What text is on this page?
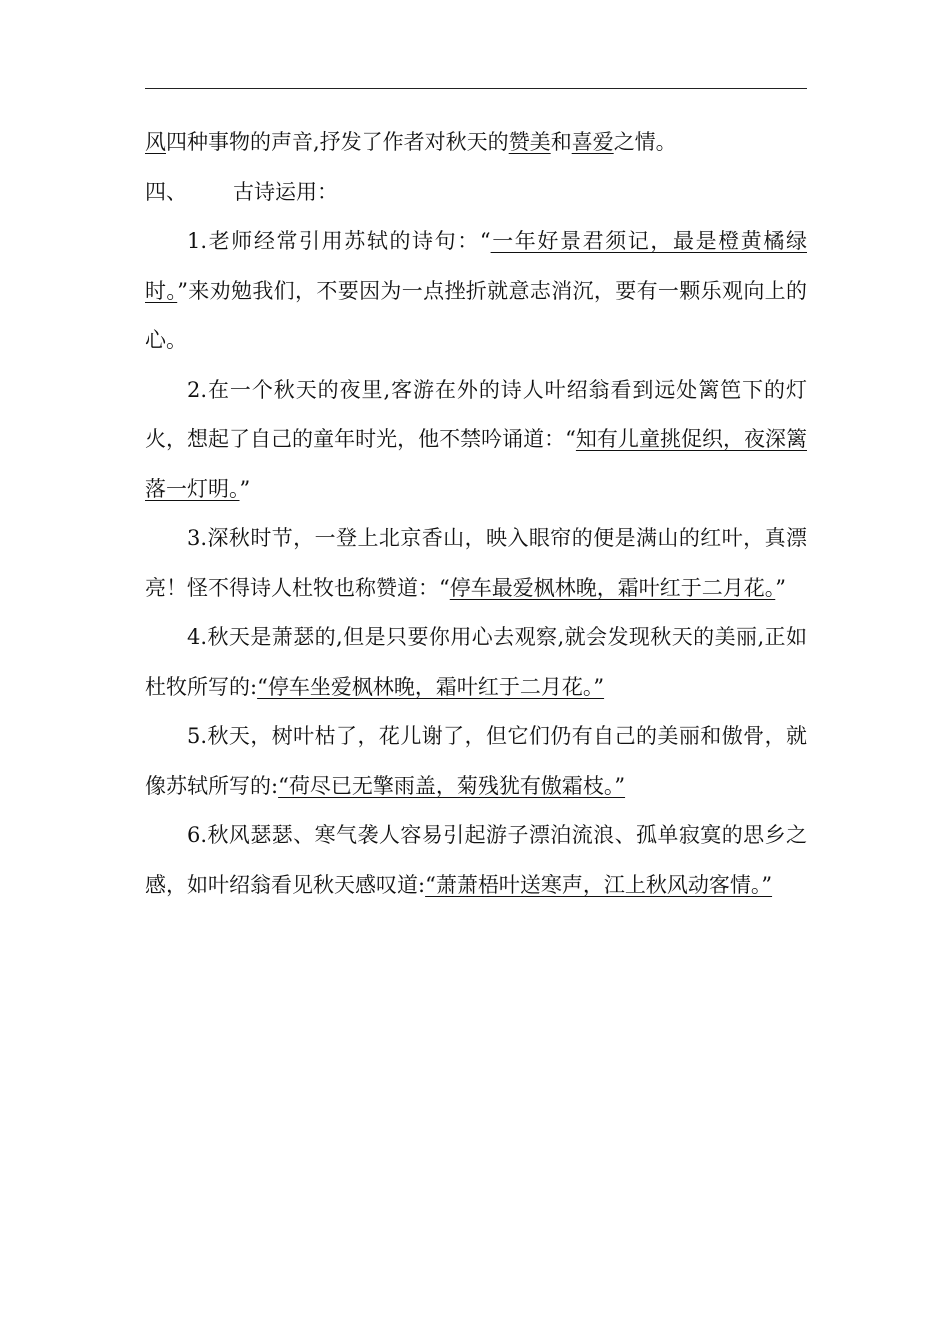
风四种事物的声音,抒发了作者对秋天的赞美和喜爱之情。

四、 古诗运用：

1.老师经常引用苏轼的诗句：“一年好景君须记，最是橙黄橘绿时。”来劝勉我们，不要因为一点挫折就意志消沉，要有一颗乐观向上的心。

2.在一个秋天的夜里,客游在外的诗人叶绍翁看到远处篱笆下的灯火，想起了自己的童年时光，他不禁吟诵道：“知有儿童挑促织，夜深篱落一灯明。”

3.深秋时节，一登上北京香山，映入眼帘的便是满山的红叶，真漂亮！怪不得诗人杜牧也称赞道：“停车最爱枫林晚，霜叶红于二月花。”

4.秋天是萧瑟的,但是只要你用心去观察,就会发现秋天的美丽,正如杜牧所写的:“停车坐爱枫林晚，霜叶红于二月花。”

5.秋天，树叶枯了，花儿谢了，但它们仍有自己的美丽和傲骨，就像苏轼所写的:“荷尽已无擎雨盖，菊残犹有傲霜枝。”

6.秋风瑟瑟、寒气袭人容易引起游子漂泊流浪、孤单寂寞的思乡之感，如叶绍翁看见秋天感叹道:“萧萧梧叶送寒声，江上秋风动客情。”
